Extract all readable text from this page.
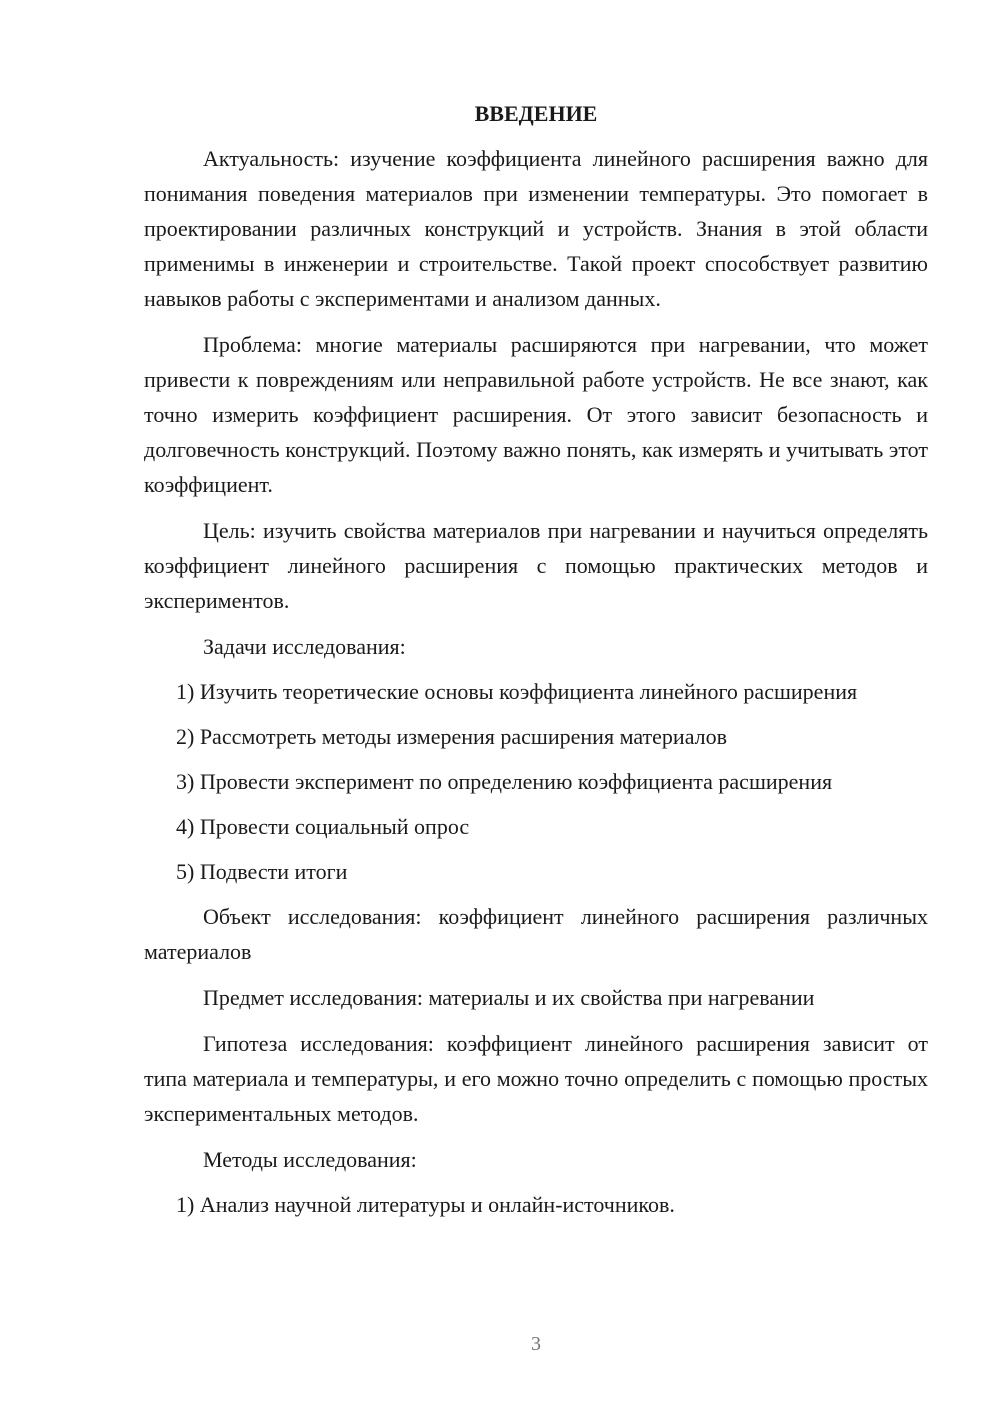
ВВЕДЕНИЕ

Актуальность: изучение коэффициента линейного расширения важно для понимания поведения материалов при изменении температуры. Это помогает в проектировании различных конструкций и устройств. Знания в этой области применимы в инженерии и строительстве. Такой проект способствует развитию навыков работы с экспериментами и анализом данных.

Проблема: многие материалы расширяются при нагревании, что может привести к повреждениям или неправильной работе устройств. Не все знают, как точно измерить коэффициент расширения. От этого зависит безопасность и долговечность конструкций. Поэтому важно понять, как измерять и учитывать этот коэффициент.

Цель: изучить свойства материалов при нагревании и научиться определять коэффициент линейного расширения с помощью практических методов и экспериментов.

Задачи исследования:

1) Изучить теоретические основы коэффициента линейного расширения

2) Рассмотреть методы измерения расширения материалов

3) Провести эксперимент по определению коэффициента расширения

4) Провести социальный опрос

5) Подвести итоги

Объект исследования: коэффициент линейного расширения различных материалов

Предмет исследования: материалы и их свойства при нагревании

Гипотеза исследования: коэффициент линейного расширения зависит от типа материала и температуры, и его можно точно определить с помощью простых экспериментальных методов.

Методы исследования:

1) Анализ научной литературы и онлайн-источников.

3
